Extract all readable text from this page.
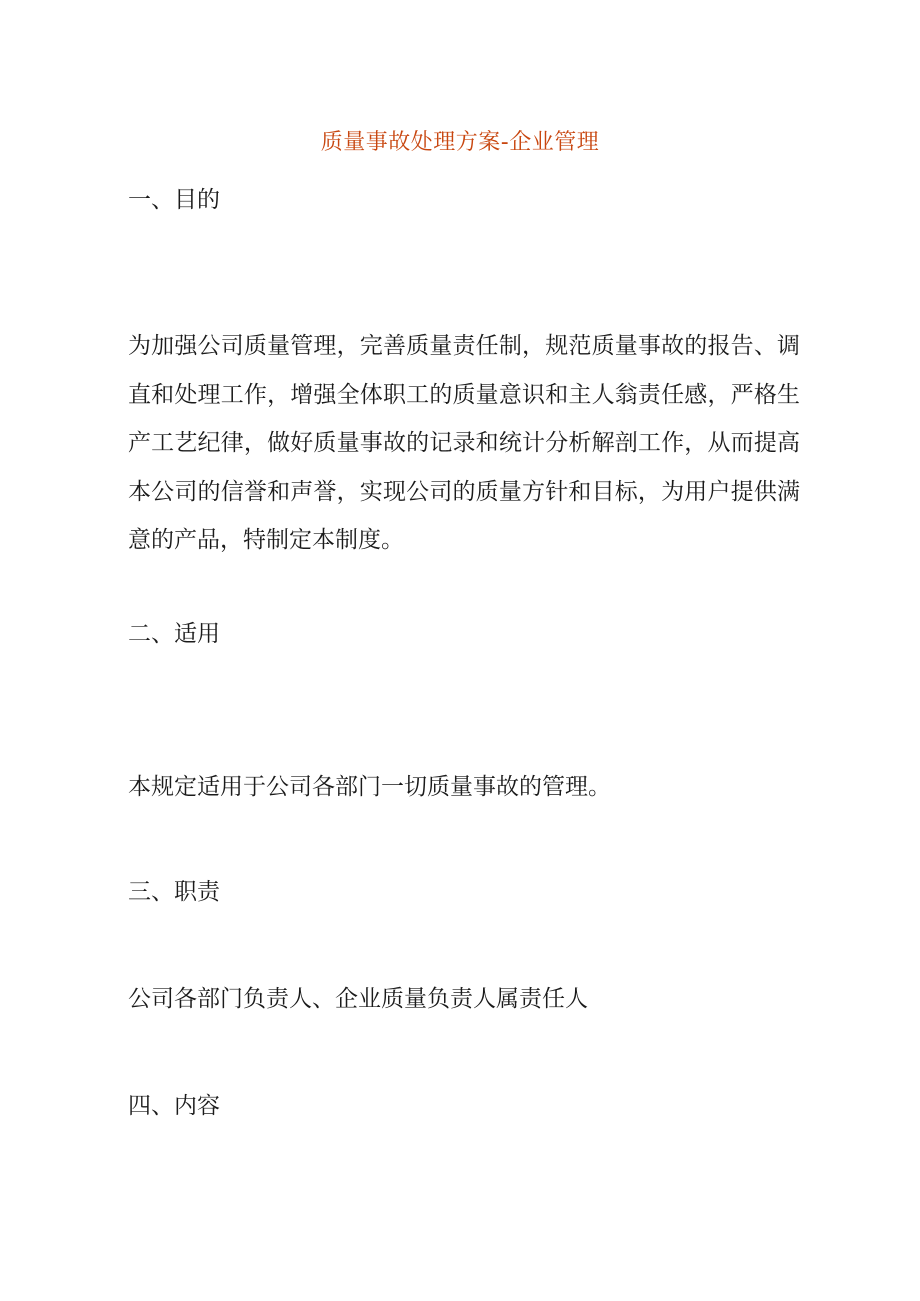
质量事故处理方案-企业管理
一、目的
为加强公司质量管理，完善质量责任制，规范质量事故的报告、调直和处理工作，增强全体职工的质量意识和主人翁责任感，严格生产工艺纪律，做好质量事故的记录和统计分析解剖工作，从而提高本公司的信誉和声誉，实现公司的质量方针和目标，为用户提供满意的产品，特制定本制度。
二、适用
本规定适用于公司各部门一切质量事故的管理。
三、职责
公司各部门负责人、企业质量负责人属责任人
四、内容
